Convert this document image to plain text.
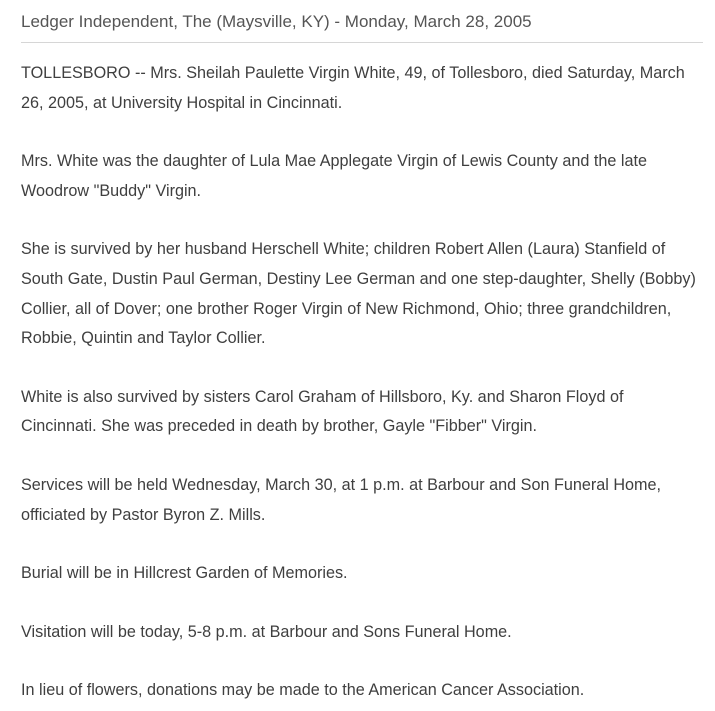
Ledger Independent, The (Maysville, KY) - Monday, March 28, 2005

TOLLESBORO -- Mrs. Sheilah Paulette Virgin White, 49, of Tollesboro, died Saturday, March 26, 2005, at University Hospital in Cincinnati.

Mrs. White was the daughter of Lula Mae Applegate Virgin of Lewis County and the late Woodrow "Buddy" Virgin.

She is survived by her husband Herschell White; children Robert Allen (Laura) Stanfield of South Gate, Dustin Paul German, Destiny Lee German and one step-daughter, Shelly (Bobby) Collier, all of Dover; one brother Roger Virgin of New Richmond, Ohio; three grandchildren, Robbie, Quintin and Taylor Collier.

White is also survived by sisters Carol Graham of Hillsboro, Ky. and Sharon Floyd of Cincinnati. She was preceded in death by brother, Gayle "Fibber" Virgin.

Services will be held Wednesday, March 30, at 1 p.m. at Barbour and Son Funeral Home, officiated by Pastor Byron Z. Mills.

Burial will be in Hillcrest Garden of Memories.

Visitation will be today, 5-8 p.m. at Barbour and Sons Funeral Home.

In lieu of flowers, donations may be made to the American Cancer Association.
